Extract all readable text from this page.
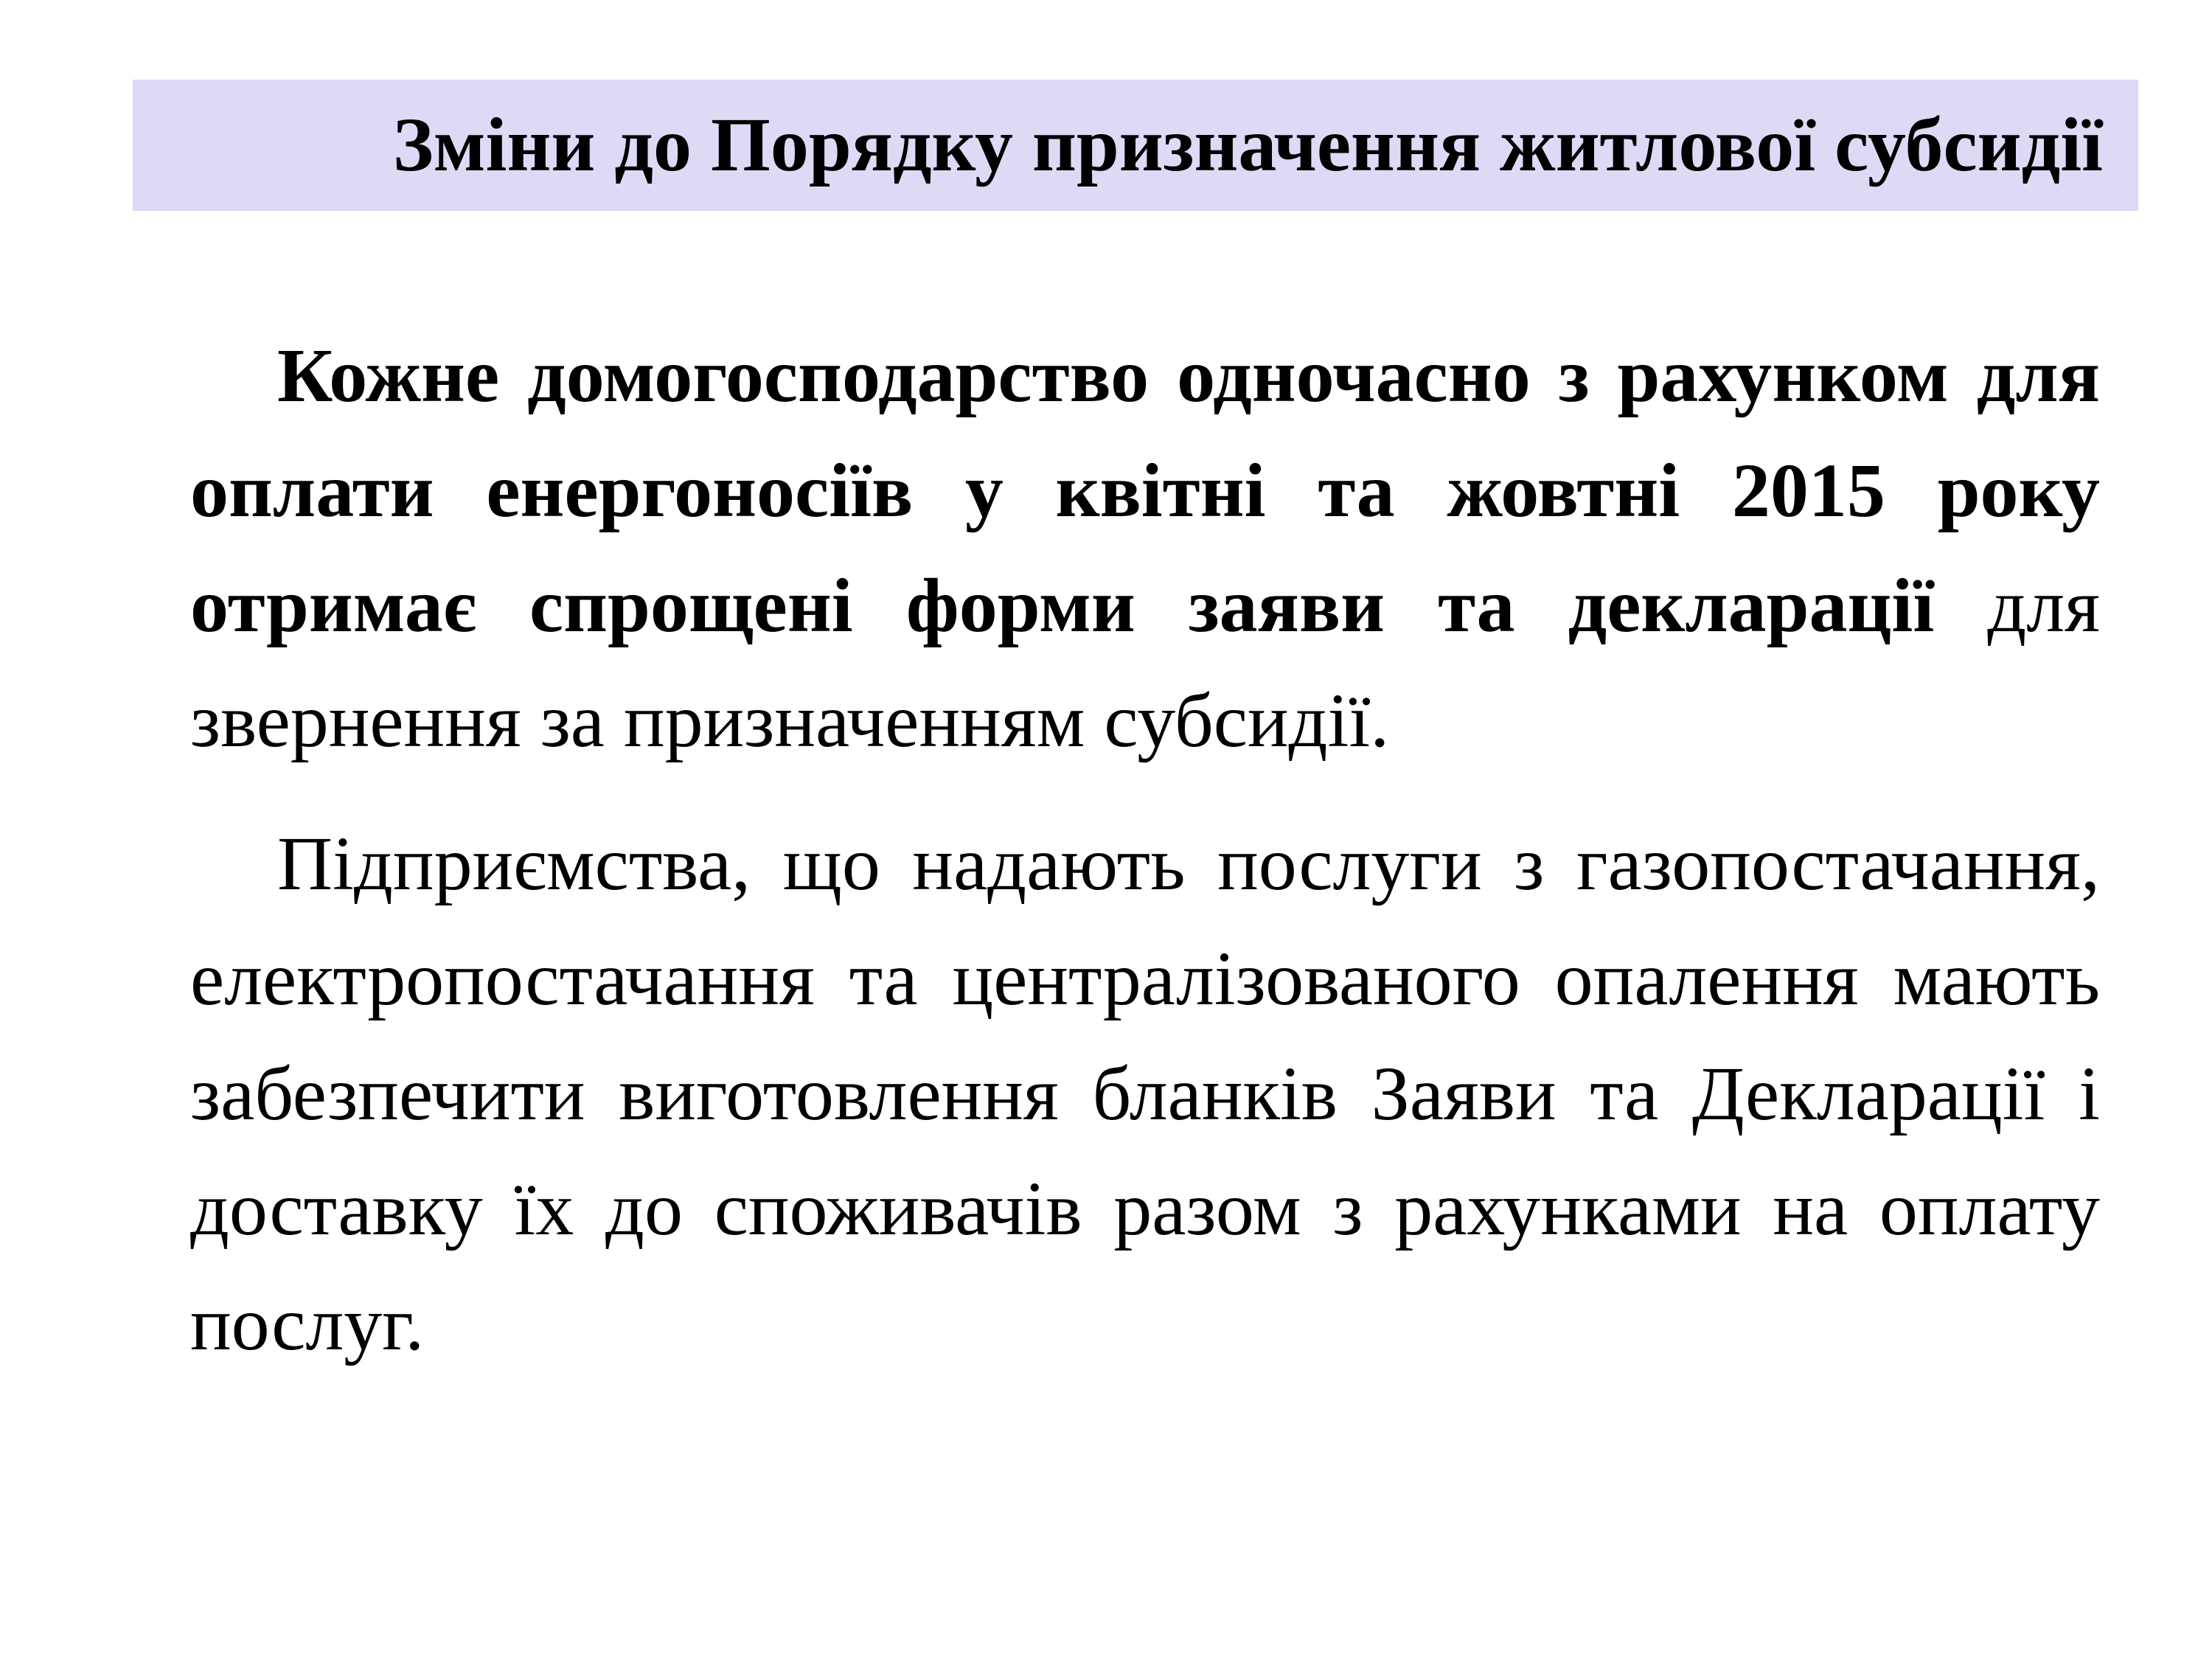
Зміни до Порядку призначення житлової субсидії

Кожне домогосподарство одночасно з рахунком для оплати енергоносіїв у квітні та жовтні 2015 року отримає спрощені форми заяви та декларації для звернення за призначенням субсидії.

Підприємства, що надають послуги з газопостачання, електропостачання та централізованого опалення мають забезпечити виготовлення бланків Заяви та Декларації і доставку їх до споживачів разом з рахунками на оплату послуг.
